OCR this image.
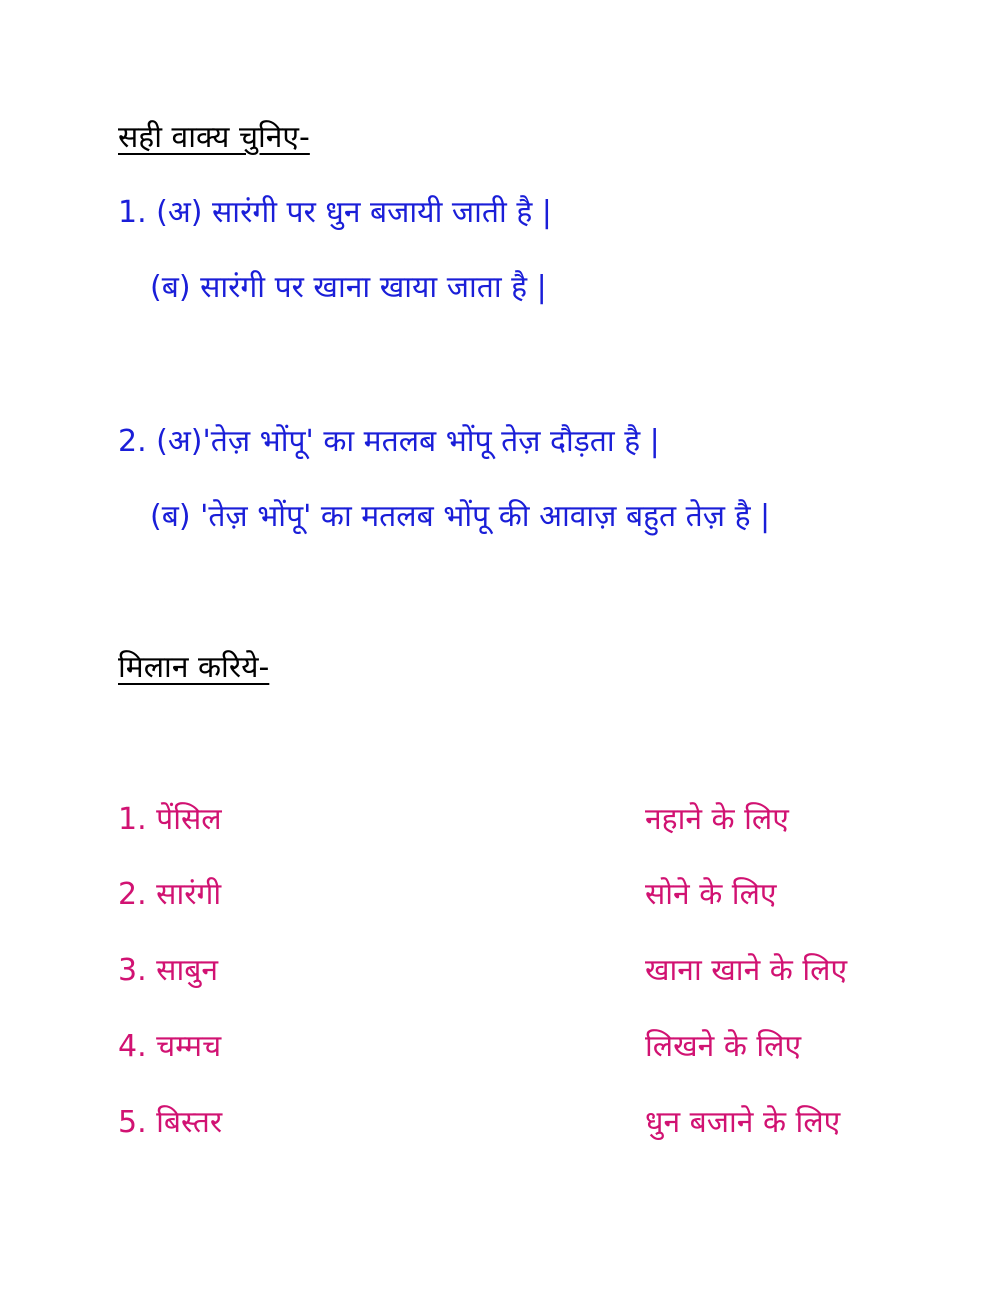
सही वाक्य चुनिए-
1. (अ) सारंगी पर धुन बजायी जाती है |
(ब) सारंगी पर खाना खाया जाता है |
2. (अ)'तेज़ भोंपू' का मतलब भोंपू तेज़ दौड़ता है |
(ब) 'तेज़ भोंपू' का मतलब भोंपू की आवाज़ बहुत तेज़ है |
मिलान करिये-
1. पेंसिल
2. सारंगी
3. साबुन
4. चम्मच
5. बिस्तर
नहाने के लिए
सोने के लिए
खाना खाने के लिए
लिखने के लिए
धुन बजाने के लिए
